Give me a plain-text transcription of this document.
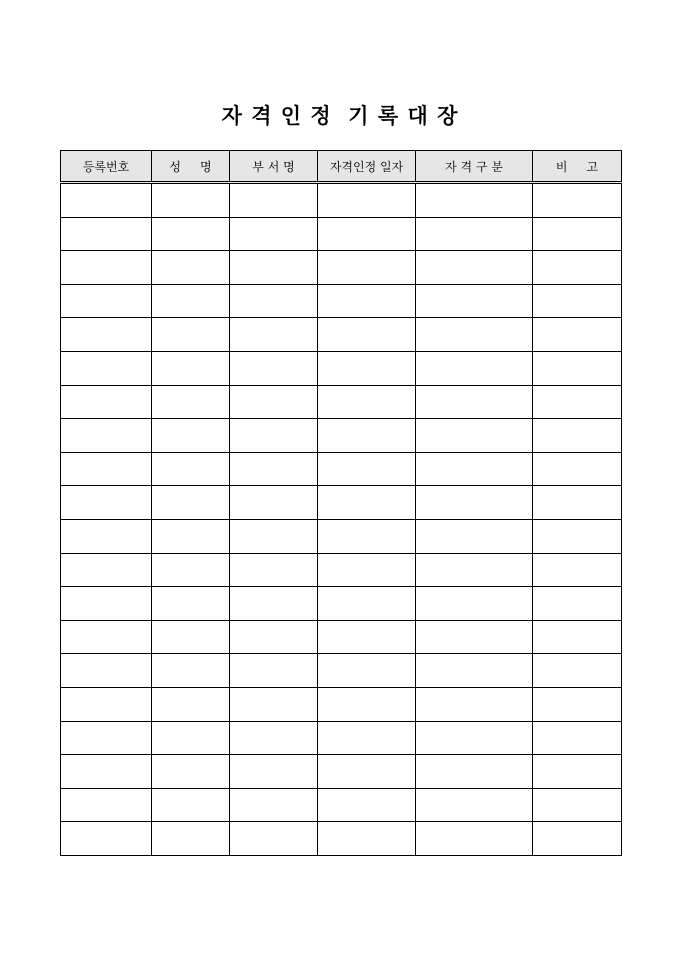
자 격 인 정  기 록 대 장
등록번호	성     명	부 서 명	자격인정 일자	자 격 구 분	비     고
